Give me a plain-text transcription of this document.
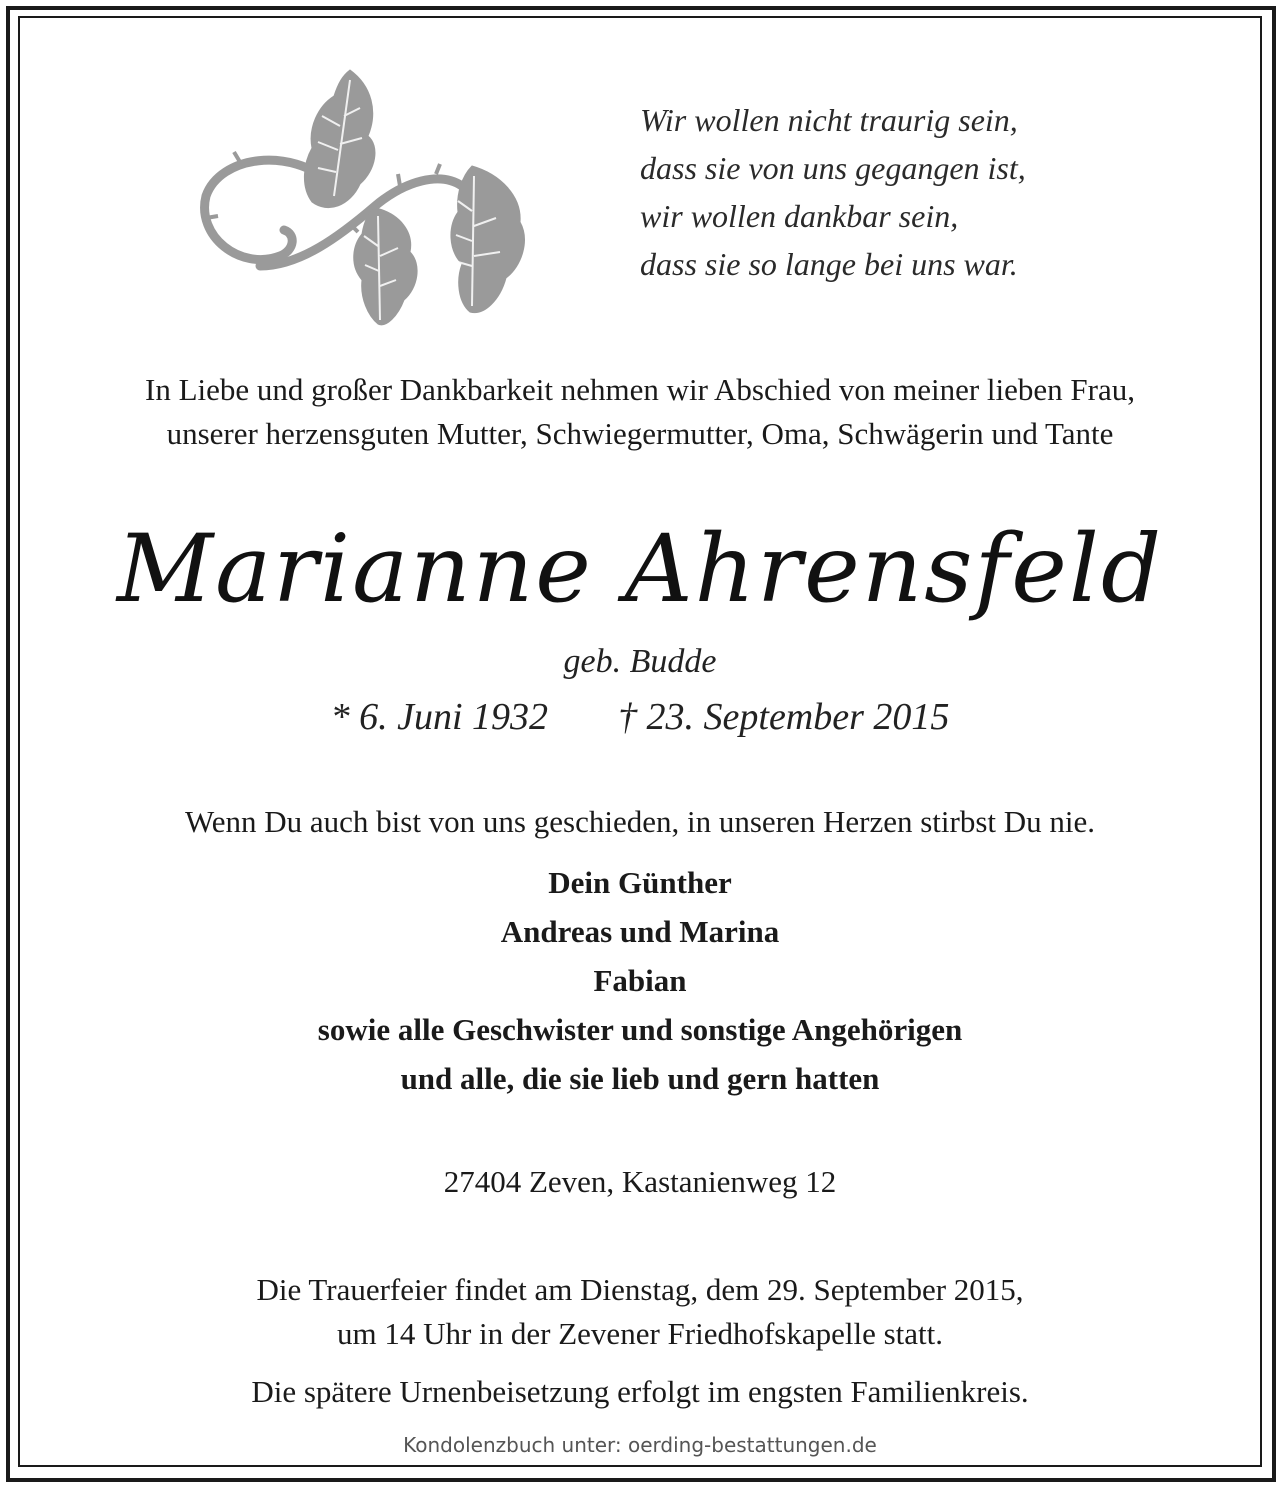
Wir wollen nicht traurig sein,
dass sie von uns gegangen ist,
wir wollen dankbar sein,
dass sie so lange bei uns war.
In Liebe und großer Dankbarkeit nehmen wir Abschied von meiner lieben Frau,
unserer herzensguten Mutter, Schwiegermutter, Oma, Schwägerin und Tante
Marianne Ahrensfeld
geb. Budde
* 6. Juni 1932 † 23. September 2015
Wenn Du auch bist von uns geschieden, in unseren Herzen stirbst Du nie.
Dein Günther
Andreas und Marina
Fabian
sowie alle Geschwister und sonstige Angehörigen
und alle, die sie lieb und gern hatten
27404 Zeven, Kastanienweg 12
Die Trauerfeier findet am Dienstag, dem 29. September 2015,
um 14 Uhr in der Zevener Friedhofskapelle statt.
Die spätere Urnenbeisetzung erfolgt im engsten Familienkreis.
Kondolenzbuch unter: oerding-bestattungen.de
